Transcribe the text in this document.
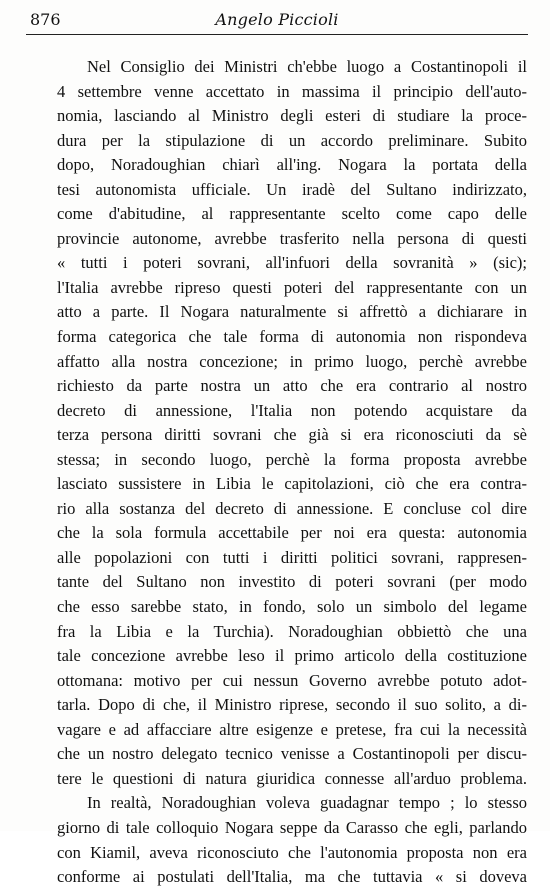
876	Angelo Piccioli
Nel Consiglio dei Ministri ch'ebbe luogo a Costantinopoli il
4 settembre venne accettato in massima il principio dell'auto-
nomia, lasciando al Ministro degli esteri di studiare la proce-
dura per la stipulazione di un accordo preliminare. Subito
dopo, Noradoughian chiarì all'ing. Nogara la portata della
tesi autonomista ufficiale. Un iradè del Sultano indirizzato,
come d'abitudine, al rappresentante scelto come capo delle
provincie autonome, avrebbe trasferito nella persona di questi
« tutti i poteri sovrani, all'infuori della sovranità » (sic);
l'Italia avrebbe ripreso questi poteri del rappresentante con un
atto a parte. Il Nogara naturalmente si affrettò a dichiarare in
forma categorica che tale forma di autonomia non rispondeva
affatto alla nostra concezione; in primo luogo, perchè avrebbe
richiesto da parte nostra un atto che era contrario al nostro
decreto di annessione, l'Italia non potendo acquistare da
terza persona diritti sovrani che già si era riconosciuti da sè
stessa; in secondo luogo, perchè la forma proposta avrebbe
lasciato sussistere in Libia le capitolazioni, ciò che era contra-
rio alla sostanza del decreto di annessione. E concluse col dire
che la sola formula accettabile per noi era questa: autonomia
alle popolazioni con tutti i diritti politici sovrani, rappresen-
tante del Sultano non investito di poteri sovrani (per modo
che esso sarebbe stato, in fondo, solo un simbolo del legame
fra la Libia e la Turchia). Noradoughian obbiettò che una
tale concezione avrebbe leso il primo articolo della costituzione
ottomana: motivo per cui nessun Governo avrebbe potuto adot-
tarla. Dopo di che, il Ministro riprese, secondo il suo solito, a di-
vagare e ad affacciare altre esigenze e pretese, fra cui la necessità
che un nostro delegato tecnico venisse a Costantinopoli per discu-
tere le questioni di natura giuridica connesse all'arduo problema.
In realtà, Noradoughian voleva guadagnar tempo ; lo stesso
giorno di tale colloquio Nogara seppe da Carasso che egli, parlando
con Kiamil, aveva riconosciuto che l'autonomia proposta non era
conforme ai postulati dell'Italia, ma che tuttavia « si doveva
